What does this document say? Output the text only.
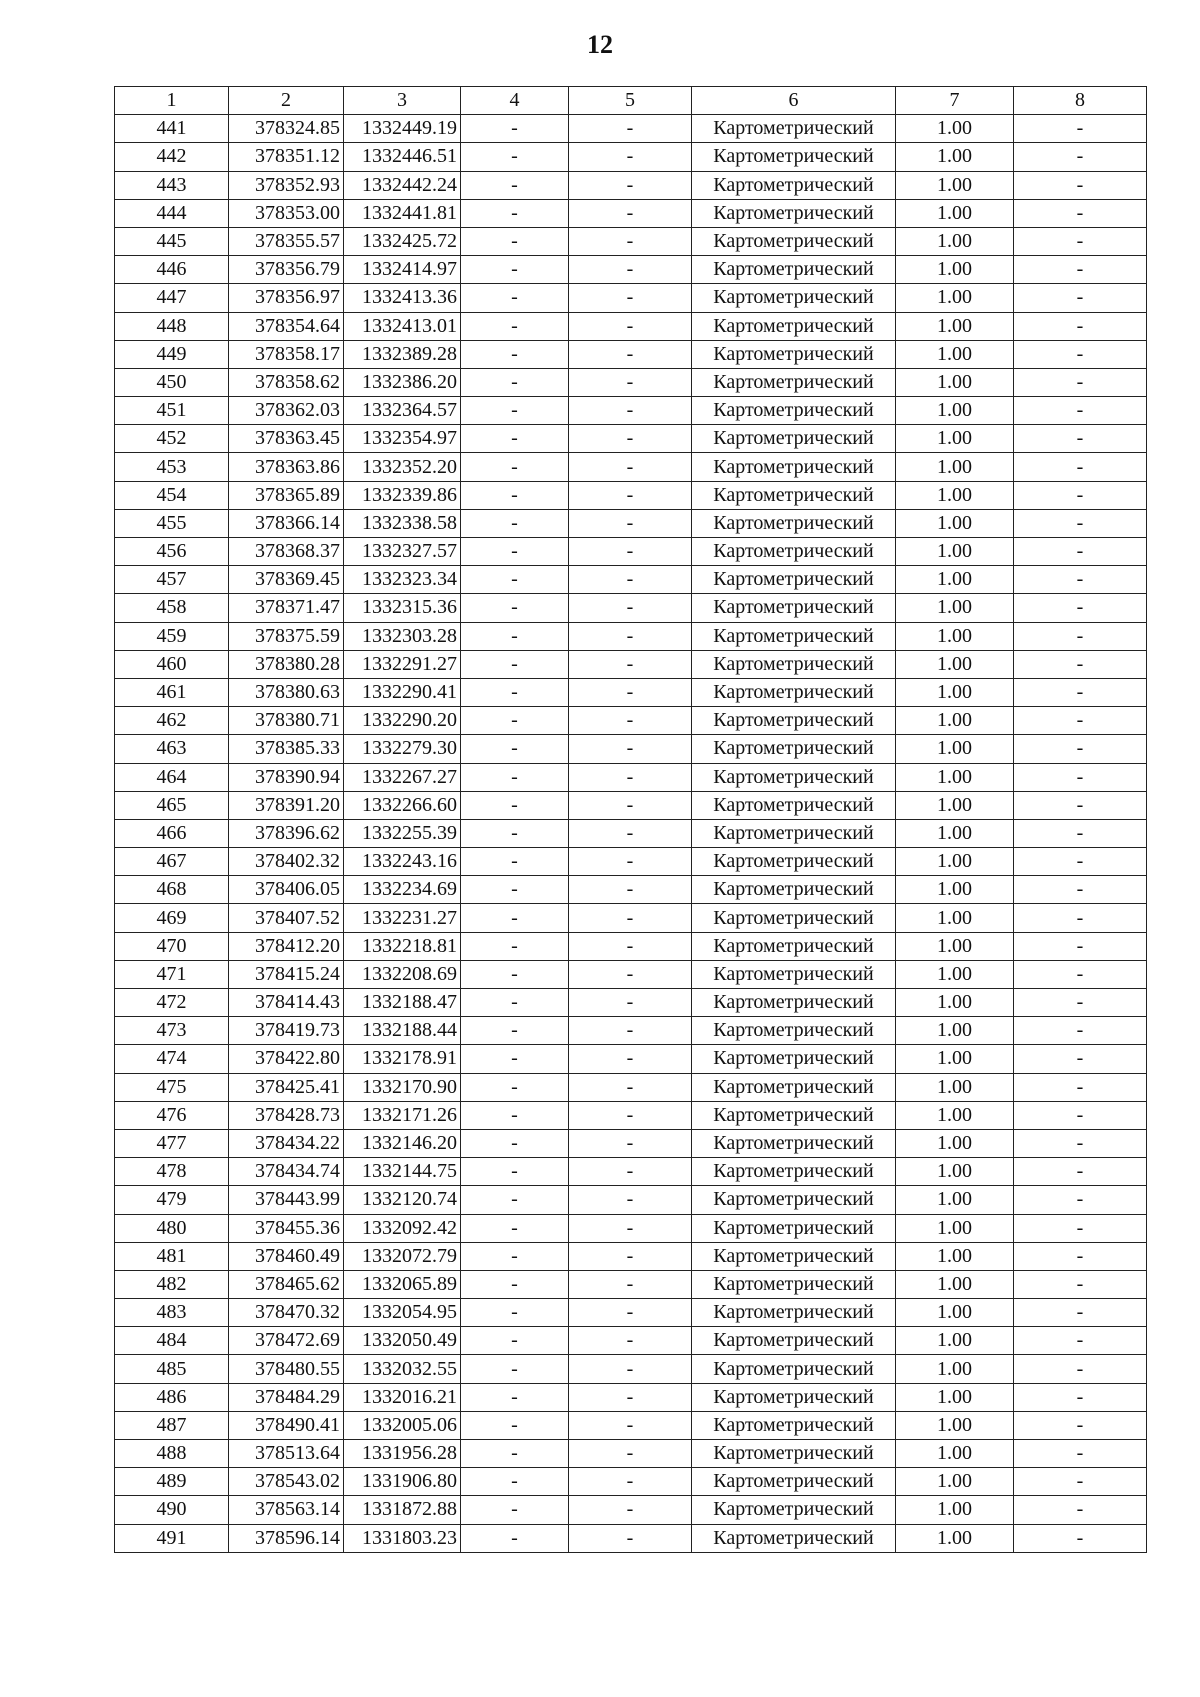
12
1	2	3	4	5	6	7	8
441	378324.85	1332449.19	-	-	Картометрический	1.00	-
442	378351.12	1332446.51	-	-	Картометрический	1.00	-
443	378352.93	1332442.24	-	-	Картометрический	1.00	-
444	378353.00	1332441.81	-	-	Картометрический	1.00	-
445	378355.57	1332425.72	-	-	Картометрический	1.00	-
446	378356.79	1332414.97	-	-	Картометрический	1.00	-
447	378356.97	1332413.36	-	-	Картометрический	1.00	-
448	378354.64	1332413.01	-	-	Картометрический	1.00	-
449	378358.17	1332389.28	-	-	Картометрический	1.00	-
450	378358.62	1332386.20	-	-	Картометрический	1.00	-
451	378362.03	1332364.57	-	-	Картометрический	1.00	-
452	378363.45	1332354.97	-	-	Картометрический	1.00	-
453	378363.86	1332352.20	-	-	Картометрический	1.00	-
454	378365.89	1332339.86	-	-	Картометрический	1.00	-
455	378366.14	1332338.58	-	-	Картометрический	1.00	-
456	378368.37	1332327.57	-	-	Картометрический	1.00	-
457	378369.45	1332323.34	-	-	Картометрический	1.00	-
458	378371.47	1332315.36	-	-	Картометрический	1.00	-
459	378375.59	1332303.28	-	-	Картометрический	1.00	-
460	378380.28	1332291.27	-	-	Картометрический	1.00	-
461	378380.63	1332290.41	-	-	Картометрический	1.00	-
462	378380.71	1332290.20	-	-	Картометрический	1.00	-
463	378385.33	1332279.30	-	-	Картометрический	1.00	-
464	378390.94	1332267.27	-	-	Картометрический	1.00	-
465	378391.20	1332266.60	-	-	Картометрический	1.00	-
466	378396.62	1332255.39	-	-	Картометрический	1.00	-
467	378402.32	1332243.16	-	-	Картометрический	1.00	-
468	378406.05	1332234.69	-	-	Картометрический	1.00	-
469	378407.52	1332231.27	-	-	Картометрический	1.00	-
470	378412.20	1332218.81	-	-	Картометрический	1.00	-
471	378415.24	1332208.69	-	-	Картометрический	1.00	-
472	378414.43	1332188.47	-	-	Картометрический	1.00	-
473	378419.73	1332188.44	-	-	Картометрический	1.00	-
474	378422.80	1332178.91	-	-	Картометрический	1.00	-
475	378425.41	1332170.90	-	-	Картометрический	1.00	-
476	378428.73	1332171.26	-	-	Картометрический	1.00	-
477	378434.22	1332146.20	-	-	Картометрический	1.00	-
478	378434.74	1332144.75	-	-	Картометрический	1.00	-
479	378443.99	1332120.74	-	-	Картометрический	1.00	-
480	378455.36	1332092.42	-	-	Картометрический	1.00	-
481	378460.49	1332072.79	-	-	Картометрический	1.00	-
482	378465.62	1332065.89	-	-	Картометрический	1.00	-
483	378470.32	1332054.95	-	-	Картометрический	1.00	-
484	378472.69	1332050.49	-	-	Картометрический	1.00	-
485	378480.55	1332032.55	-	-	Картометрический	1.00	-
486	378484.29	1332016.21	-	-	Картометрический	1.00	-
487	378490.41	1332005.06	-	-	Картометрический	1.00	-
488	378513.64	1331956.28	-	-	Картометрический	1.00	-
489	378543.02	1331906.80	-	-	Картометрический	1.00	-
490	378563.14	1331872.88	-	-	Картометрический	1.00	-
491	378596.14	1331803.23	-	-	Картометрический	1.00	-
